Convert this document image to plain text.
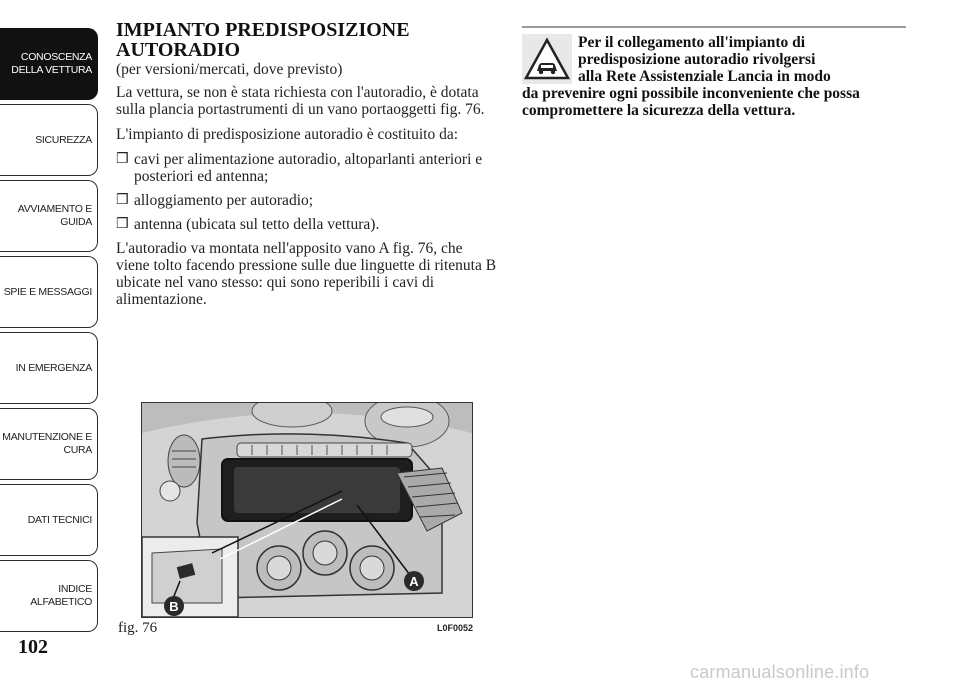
CONOSCENZA
DELLA VETTURA
SICUREZZA
AVVIAMENTO E
GUIDA
SPIE E MESSAGGI
IN EMERGENZA
MANUTENZIONE E
CURA
DATI TECNICI
INDICE
ALFABETICO
102
IMPIANTO PREDISPOSIZIONE
AUTORADIO

(per versioni/mercati, dove previsto)

La vettura, se non è stata richiesta con l'autoradio, è dotata sulla plancia portastrumenti di un vano portaoggetti fig. 76.

L'impianto di predisposizione autoradio è costituito da:

❒ cavi per alimentazione autoradio, altoparlanti anteriori e posteriori ed antenna;
❒ alloggiamento per autoradio;
❒ antenna (ubicata sul tetto della vettura).

L'autoradio va montata nell'apposito vano A fig. 76, che viene tolto facendo pressione sulle due linguette di ritenuta B ubicate nel vano stesso: qui sono reperibili i cavi di alimentazione.

Per il collegamento all'impianto di

predisposizione autoradio rivolgersi

alla Rete Assistenziale Lancia in modo

da prevenire ogni possibile inconveniente che possa compromettere la sicurezza della vettura.

A
B
fig. 76	L0F0052
carmanualsonline.info
